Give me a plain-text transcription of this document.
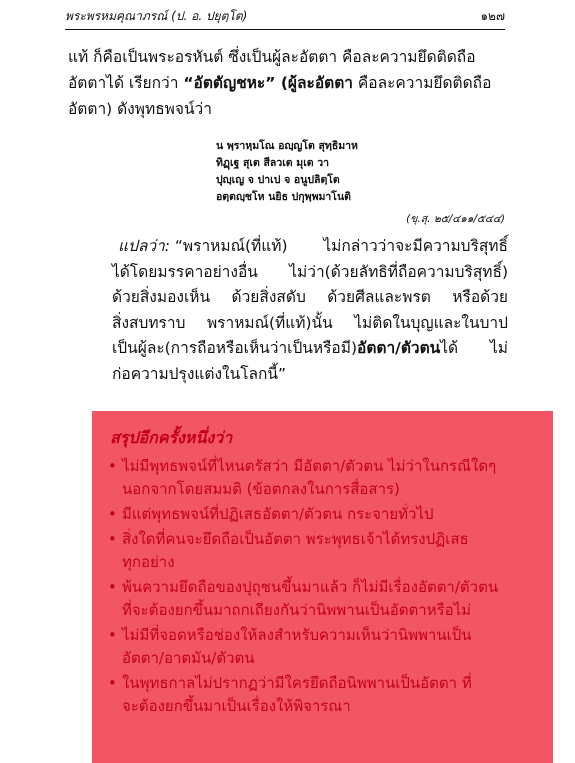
พระพรหมคุณาภรณ์ (ป. อ. ปยุตฺโต)	๑๒๗

แท้ ก็คือเป็นพระอรหันต์ ซึ่งเป็นผู้ละอัตตา คือละความยึดติดถือ
อัตตาได้ เรียกว่า “อัตตัญชหะ” (ผู้ละอัตตา คือละความยึดติดถือ
อัตตา) ดังพุทธพจน์ว่า

น พฺราหฺมโณ อญฺญโต สุทฺธิมาห
ทิฏฺเฐ สุเต สีลวเต มุเต วา
ปุญฺเญ จ ปาเป จ อนูปลิตฺโต
อตฺตญฺชโห นยิธ ปกุพฺพมาโนติ
(ขุ.สุ. ๒๕/๔๑๑/๕๔๔)
แปลว่า: “พราหมณ์(ที่แท้) ไม่กล่าวว่าจะมีความบริสุทธิ์
ได้โดยมรรคาอย่างอื่น ไม่ว่า(ด้วยลัทธิที่ถือความบริสุทธิ์)
ด้วยสิ่งมองเห็น ด้วยสิ่งสดับ ด้วยศีลและพรต หรือด้วย
สิ่งสบทราบ พราหมณ์(ที่แท้)นั้น ไม่ติดในบุญและในบาป
เป็นผู้ละ(การถือหรือเห็นว่าเป็นหรือมี)อัตตา/ตัวตนได้ ไม่
ก่อความปรุงแต่งในโลกนี้”
สรุปอีกครั้งหนึ่งว่า
• ไม่มีพุทธพจน์ที่ไหนตรัสว่า มีอัตตา/ตัวตน ไม่ว่าในกรณีใดๆ
นอกจากโดยสมมติ (ข้อตกลงในการสื่อสาร)
• มีแต่พุทธพจน์ที่ปฏิเสธอัตตา/ตัวตน กระจายทั่วไป
• สิ่งใดที่คนจะยึดถือเป็นอัตตา พระพุทธเจ้าได้ทรงปฏิเสธ
ทุกอย่าง
• พ้นความยึดถือของปุถุชนขึ้นมาแล้ว ก็ไม่มีเรื่องอัตตา/ตัวตน
ที่จะต้องยกขึ้นมาถกเถียงกันว่านิพพานเป็นอัตตาหรือไม่
• ไม่มีที่จอดหรือช่องให้ลงสำหรับความเห็นว่านิพพานเป็น
อัตตา/อาตมัน/ตัวตน
• ในพุทธกาลไม่ปรากฏว่ามีใครยึดถือนิพพานเป็นอัตตา ที่
จะต้องยกขึ้นมาเป็นเรื่องให้พิจารณา
